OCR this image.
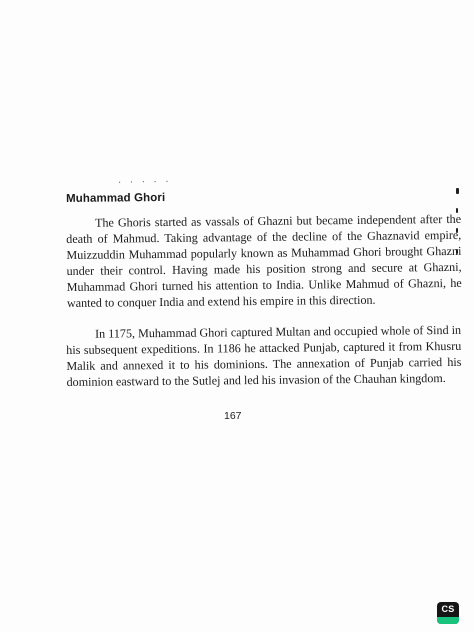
· · · · ·
Muhammad Ghori

The Ghoris started as vassals of Ghazni but became independent after the death of Mahmud. Taking advantage of the decline of the Ghaznavid empire, Muizzuddin Muhammad popularly known as Muhammad Ghori brought Ghazni under their control. Having made his position strong and secure at Ghazni, Muhammad Ghori turned his attention to India. Unlike Mahmud of Ghazni, he wanted to conquer India and extend his empire in this direction.

In 1175, Muhammad Ghori captured Multan and occupied whole of Sind in his subsequent expeditions. In 1186 he attacked Punjab, captured it from Khusru Malik and annexed it to his dominions. The annexation of Punjab carried his dominion eastward to the Sutlej and led his invasion of the Chauhan kingdom.

167
CS
